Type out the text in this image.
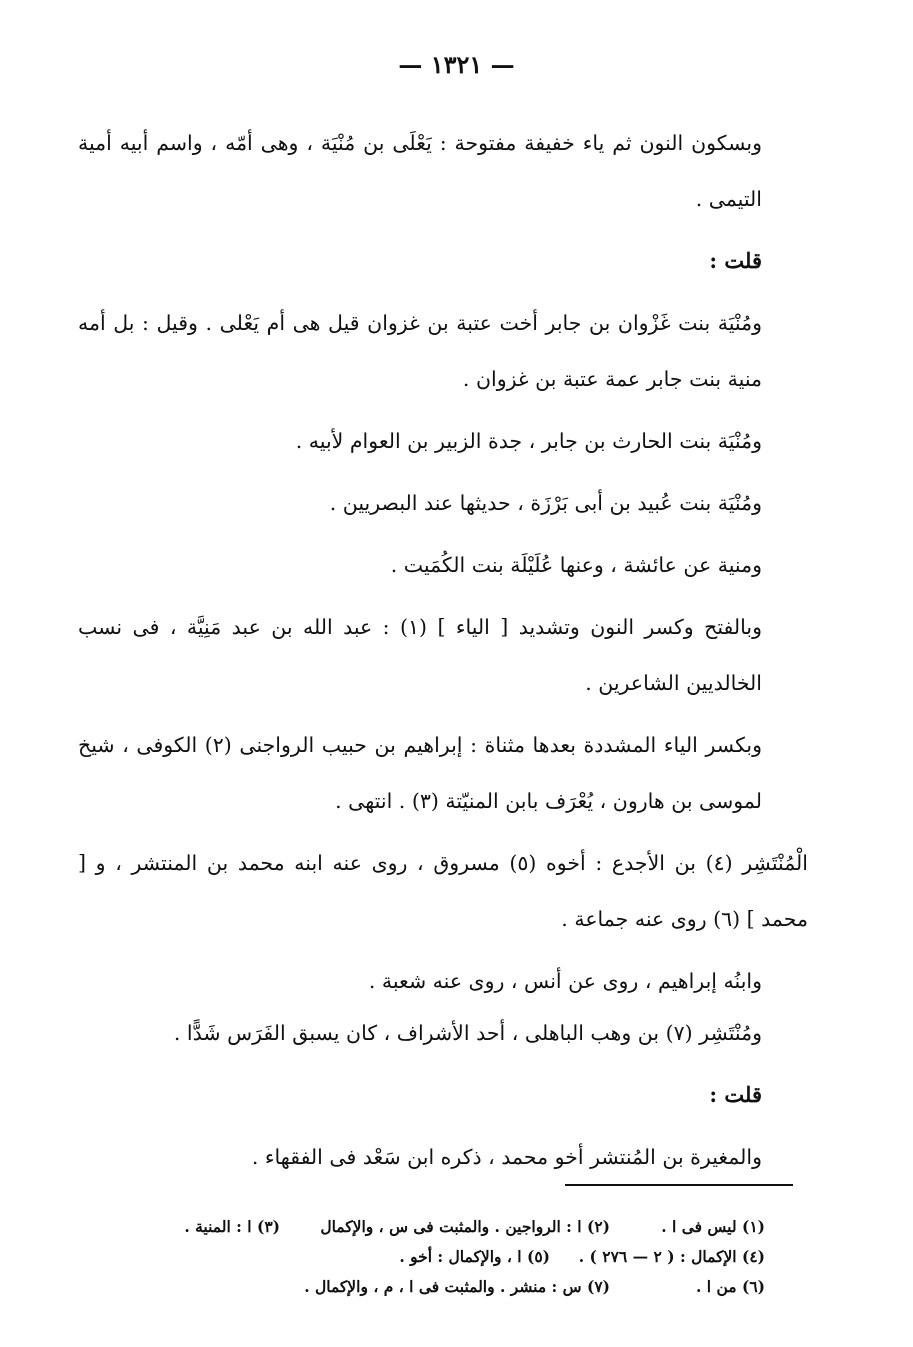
— ١٣٢١ —

وبسكون النون ثم ياء خفيفة مفتوحة : يَعْلَى بن مُنْيَة ، وهى أمّه ، واسم أبيه أمية التيمى .

قلت :

ومُنْيَة بنت غَزْوان بن جابر أخت عتبة بن غزوان قيل هى أم يَعْلى . وقيل : بل أمه منية بنت جابر عمة عتبة بن غزوان .

ومُنْيَة بنت الحارث بن جابر ، جدة الزبير بن العوام لأبيه .

ومُنْيَة بنت عُبيد بن أبى بَرْزَة ، حديثها عند البصريين .

ومنية عن عائشة ، وعنها عُلَيْلَة بنت الكُمَيت .

وبالفتح وكسر النون وتشديد [ الياء ] (١) : عبد الله بن عبد مَنِيَّة ، فى نسب الخالديين الشاعرين .

وبكسر الياء المشددة بعدها مثناة : إبراهيم بن حبيب الرواجنى (٢) الكوفى ، شيخ لموسى بن هارون ، يُعْرَف بابن المنيّتة (٣) . انتهى .

الْمُنْتَشِر (٤) بن الأجدع : أخوه (٥) مسروق ، روى عنه ابنه محمد بن المنتشر ، و [ محمد ] (٦) روى عنه جماعة .

وابنُه إبراهيم ، روى عن أنس ، روى عنه شعبة .

ومُنْتَشِر (٧) بن وهب الباهلى ، أحد الأشراف ، كان يسبق الفَرَس شَدًّا .

قلت :

والمغيرة بن المُنتشر أخو محمد ، ذكره ابن سَعْد فى الفقهاء .

(١) ليس فى ا .
(٢) ا : الرواجين . والمثبت فى س ، والإكمال
(٣) ا : المنية .
(٤) الإكمال : ( ٢ — ٢٧٦ ) .
(٥) ا ، والإكمال : أخو .
(٦) من ا .
(٧) س : منشر . والمثبت فى ا ، م ، والإكمال .
